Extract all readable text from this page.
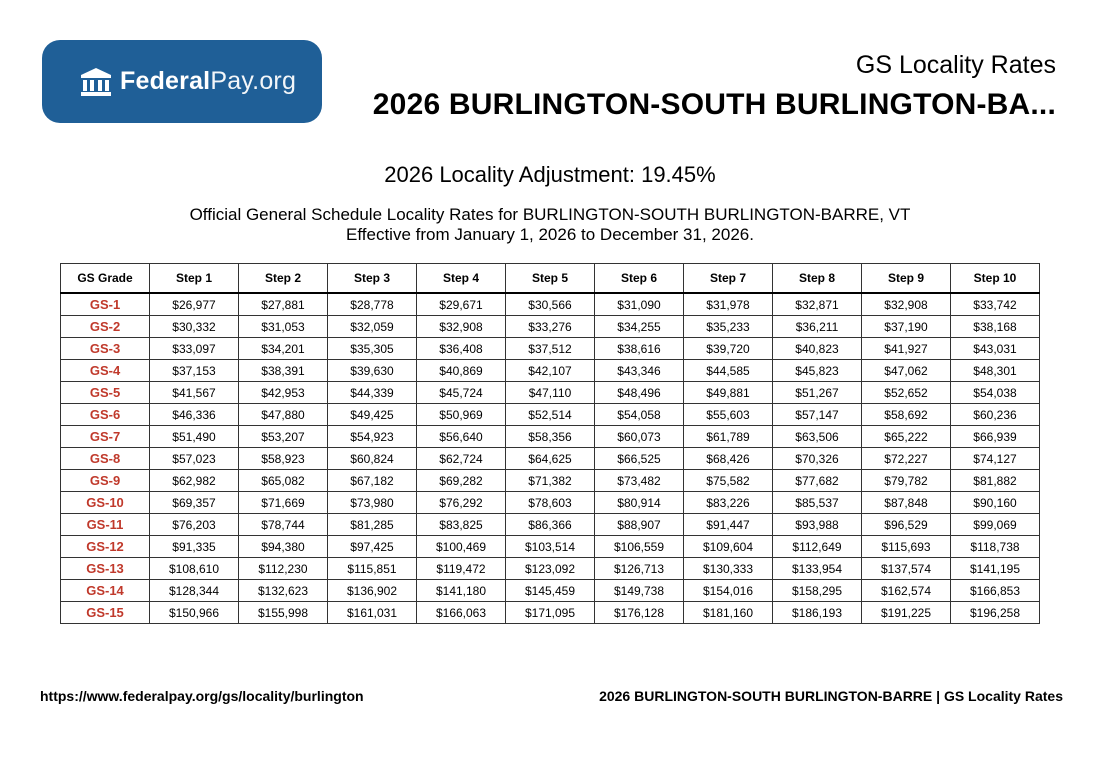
FederalPay.org
GS Locality Rates
2026 BURLINGTON-SOUTH BURLINGTON-BA...
2026 Locality Adjustment: 19.45%
Official General Schedule Locality Rates for BURLINGTON-SOUTH BURLINGTON-BARRE, VT
Effective from January 1, 2026 to December 31, 2026.
GS Grade	Step 1	Step 2	Step 3	Step 4	Step 5	Step 6	Step 7	Step 8	Step 9	Step 10
GS-1	$26,977	$27,881	$28,778	$29,671	$30,566	$31,090	$31,978	$32,871	$32,908	$33,742
GS-2	$30,332	$31,053	$32,059	$32,908	$33,276	$34,255	$35,233	$36,211	$37,190	$38,168
GS-3	$33,097	$34,201	$35,305	$36,408	$37,512	$38,616	$39,720	$40,823	$41,927	$43,031
GS-4	$37,153	$38,391	$39,630	$40,869	$42,107	$43,346	$44,585	$45,823	$47,062	$48,301
GS-5	$41,567	$42,953	$44,339	$45,724	$47,110	$48,496	$49,881	$51,267	$52,652	$54,038
GS-6	$46,336	$47,880	$49,425	$50,969	$52,514	$54,058	$55,603	$57,147	$58,692	$60,236
GS-7	$51,490	$53,207	$54,923	$56,640	$58,356	$60,073	$61,789	$63,506	$65,222	$66,939
GS-8	$57,023	$58,923	$60,824	$62,724	$64,625	$66,525	$68,426	$70,326	$72,227	$74,127
GS-9	$62,982	$65,082	$67,182	$69,282	$71,382	$73,482	$75,582	$77,682	$79,782	$81,882
GS-10	$69,357	$71,669	$73,980	$76,292	$78,603	$80,914	$83,226	$85,537	$87,848	$90,160
GS-11	$76,203	$78,744	$81,285	$83,825	$86,366	$88,907	$91,447	$93,988	$96,529	$99,069
GS-12	$91,335	$94,380	$97,425	$100,469	$103,514	$106,559	$109,604	$112,649	$115,693	$118,738
GS-13	$108,610	$112,230	$115,851	$119,472	$123,092	$126,713	$130,333	$133,954	$137,574	$141,195
GS-14	$128,344	$132,623	$136,902	$141,180	$145,459	$149,738	$154,016	$158,295	$162,574	$166,853
GS-15	$150,966	$155,998	$161,031	$166,063	$171,095	$176,128	$181,160	$186,193	$191,225	$196,258
https://www.federalpay.org/gs/locality/burlington	2026 BURLINGTON-SOUTH BURLINGTON-BARRE | GS Locality Rates
